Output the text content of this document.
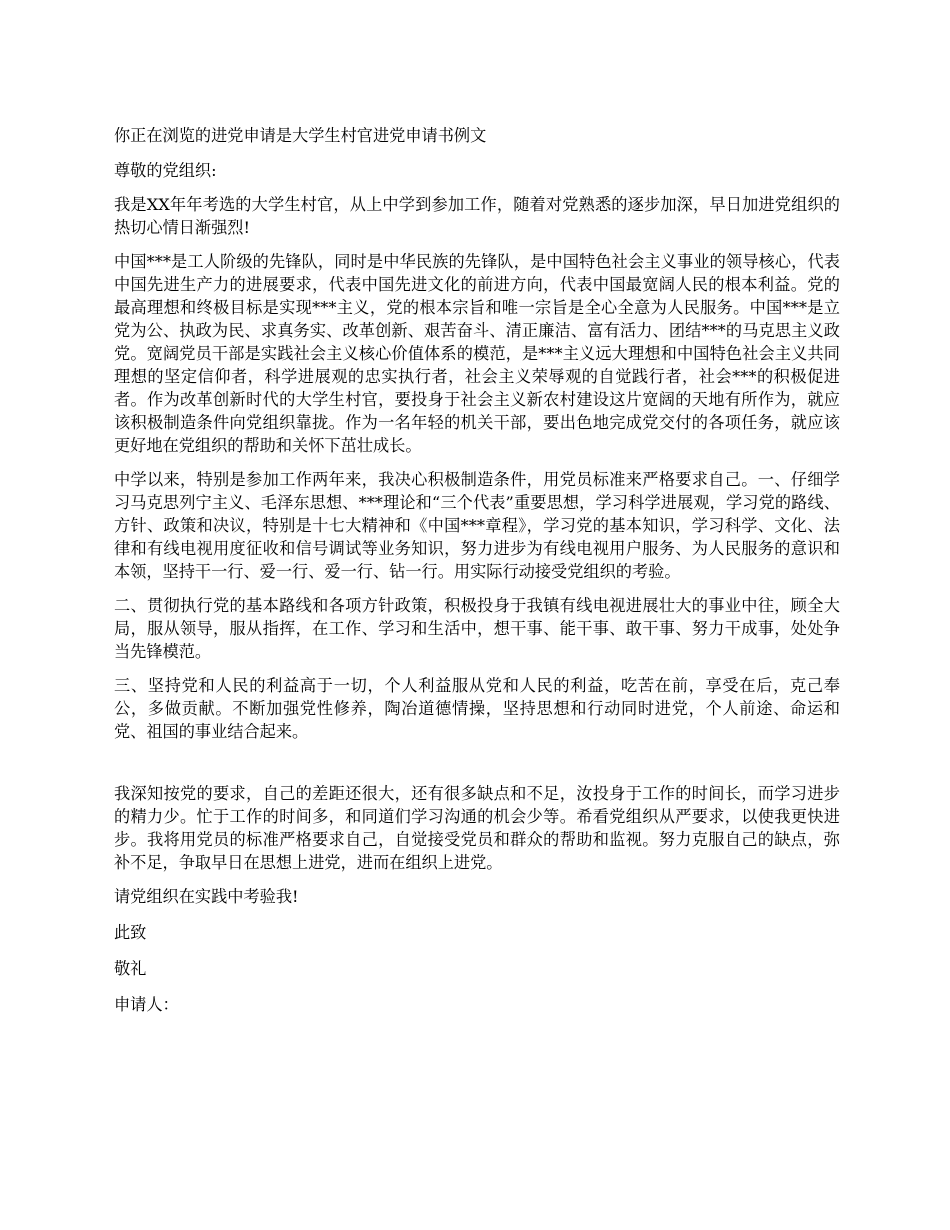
你正在浏览的进党申请是大学生村官进党申请书例文

尊敬的党组织:

我是XX年年考选的大学生村官，从上中学到参加工作，随着对党熟悉的逐步加深，早日加进党组织的热切心情日渐强烈!

中国***是工人阶级的先锋队，同时是中华民族的先锋队，是中国特色社会主义事业的领导核心，代表中国先进生产力的进展要求，代表中国先进文化的前进方向，代表中国最宽阔人民的根本利益。党的最高理想和终极目标是实现***主义，党的根本宗旨和唯一宗旨是全心全意为人民服务。中国***是立党为公、执政为民、求真务实、改革创新、艰苦奋斗、清正廉洁、富有活力、团结***的马克思主义政党。宽阔党员干部是实践社会主义核心价值体系的模范，是***主义远大理想和中国特色社会主义共同理想的坚定信仰者，科学进展观的忠实执行者，社会主义荣辱观的自觉践行者，社会***的积极促进者。作为改革创新时代的大学生村官，要投身于社会主义新农村建设这片宽阔的天地有所作为，就应该积极制造条件向党组织靠拢。作为一名年轻的机关干部，要出色地完成党交付的各项任务，就应该更好地在党组织的帮助和关怀下茁壮成长。

中学以来，特别是参加工作两年来，我决心积极制造条件，用党员标准来严格要求自己。一、仔细学习马克思列宁主义、毛泽东思想、***理论和“三个代表”重要思想，学习科学进展观，学习党的路线、方针、政策和决议，特别是十七大精神和《中国***章程》，学习党的基本知识，学习科学、文化、法律和有线电视用度征收和信号调试等业务知识，努力进步为有线电视用户服务、为人民服务的意识和本领，坚持干一行、爱一行、爱一行、钻一行。用实际行动接受党组织的考验。

二、贯彻执行党的基本路线和各项方针政策，积极投身于我镇有线电视进展壮大的事业中往，顾全大局，服从领导，服从指挥，在工作、学习和生活中，想干事、能干事、敢干事、努力干成事，处处争当先锋模范。

三、坚持党和人民的利益高于一切，个人利益服从党和人民的利益，吃苦在前，享受在后，克己奉公，多做贡献。不断加强党性修养，陶冶道德情操，坚持思想和行动同时进党，个人前途、命运和党、祖国的事业结合起来。

我深知按党的要求，自己的差距还很大，还有很多缺点和不足，汝投身于工作的时间长，而学习进步的精力少。忙于工作的时间多，和同道们学习沟通的机会少等。希看党组织从严要求，以使我更快进步。我将用党员的标准严格要求自己，自觉接受党员和群众的帮助和监视。努力克服自己的缺点，弥补不足，争取早日在思想上进党，进而在组织上进党。

请党组织在实践中考验我!

此致

敬礼

申请人：
